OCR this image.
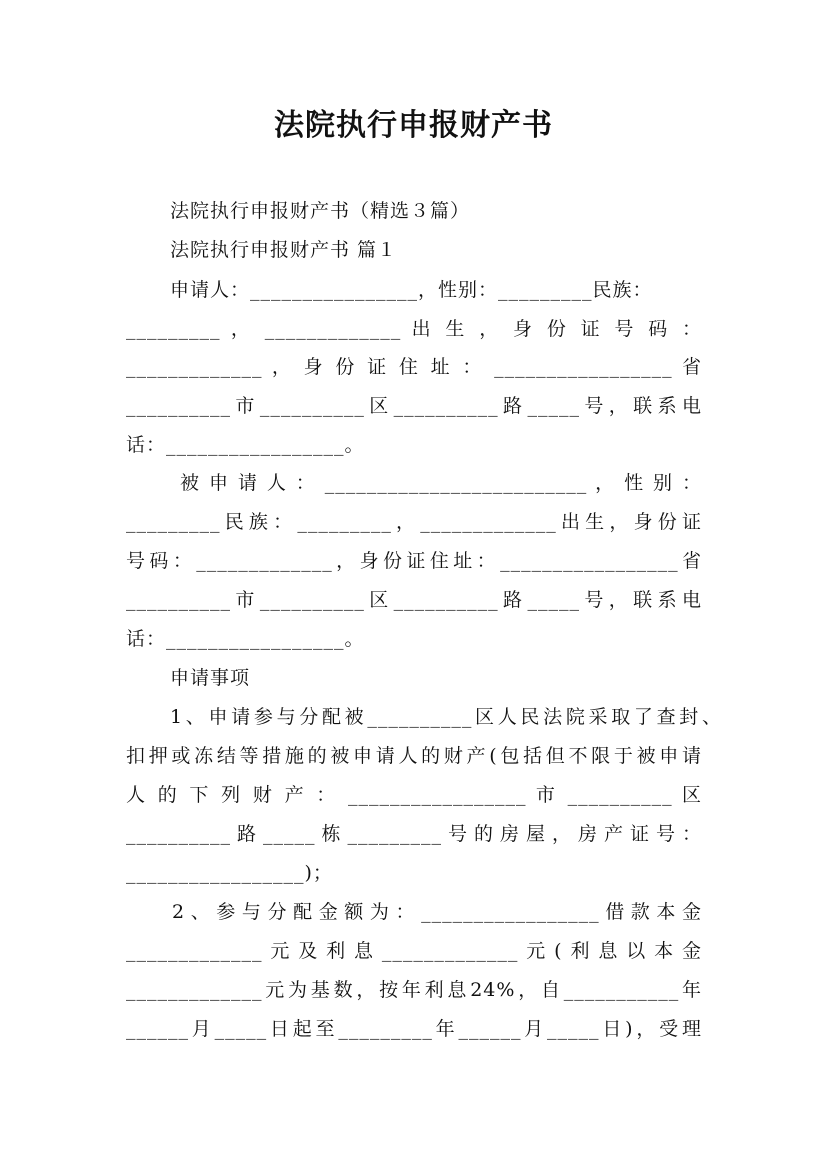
法院执行申报财产书
法院执行申报财产书（精选３篇）
法院执行申报财产书 篇１
申请人：________________，性别：_________民族：
_________ ， _____________ 出 生 ， 身 份 证 号 码 ：
_____________ ， 身 份 证 住 址 ： _________________ 省
__________市__________区__________路_____号，联系电
话：_________________。
被 申 请 人 ： _________________________ ， 性 别 ：
_________民族：_________，_____________出生，身份证
号码：_____________，身份证住址：_________________省
__________市__________区__________路_____号，联系电
话：_________________。
申请事项
1、申请参与分配被__________区人民法院采取了查封、
扣押或冻结等措施的被申请人的财产(包括但不限于被申请
人 的 下 列 财 产 ： _________________ 市 __________ 区
__________路_____栋_________号的房屋，房产证号：
_________________)；
2、参与分配金额为：_________________借款本金
_____________元及利息_____________元(利息以本金
_____________元为基数，按年利息24%，自___________年
______月_____日起至_________年______月_____日)，受理
